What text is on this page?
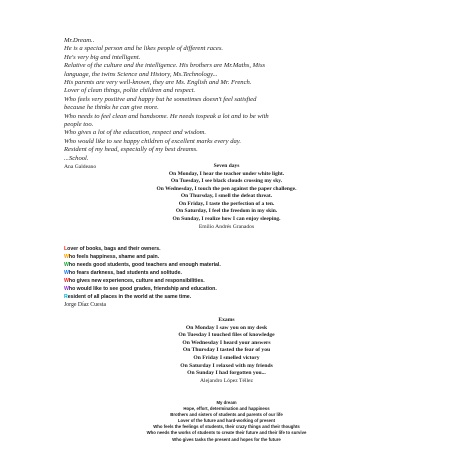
Mr.Dream..
He is a special person and he likes people of different races.
He's very big and intelligent.
Relative of the culture and the intelligence. His brothers are Mr.Maths, Miss
language, the twins Science and History, Ms.Technology...
His parents are very well-known, they are Ms. English and Mr. French.
Lover of clean things, polite children and respect.
Who feels very positive and happy but he sometimes doesn't feel satisfied
because he thinks he can give more.
Who needs to feel clean and handsome. He needs tospeak a lot and to be with
people too.
Who gives a lot of the education, respect and wisdom.
Who would like to see happy children of excellent marks every day.
Resident of my head, especially of my best dreams.
...School.
Ana Galdeano	Seven days
On Monday, I hear the teacher under white light.
On Tuesday, I see black clouds crossing my sky.
On Wednesday, I touch the pen against the paper challenge.
On Thursday, I smell the defeat threat.
On Friday, I taste the perfection of a ten.
On Saturday, I feel the freedom in my skin.
On Sunday, I realize how I can enjoy sleeping.
Emilio Andrés Granados
Lover of books, bags and their owners.
Who feels happiness, shame and pain.
Who needs good students, good teachers and enough material.
Who fears darkness, bad students and solitude.
Who gives new experiences, culture and responsibilities.
Who would like to see good grades, friendship and education.
Resident of all places in the world at the same time.
Jorge Díaz Cuesta
Exams
On Monday I saw you on my desk
On Tuesday I touched files of knowledge
On Wednesday I heard your answers
On Thursday I tasted the fear of you
On Friday I smelled victory
On Saturday I relaxed with my friends
On Sunday I had forgotten you...
Alejandro López Téllez
My dream
Hope, effort, determination and happiness
Brothers and sisters of students and parents of our life
Lover of the future and hard-working of present
Who feels the feelings of students, their crazy things and their thoughts
Who needs the works of students to create their future and their life to survive
Who gives tasks the present and hopes for the future
